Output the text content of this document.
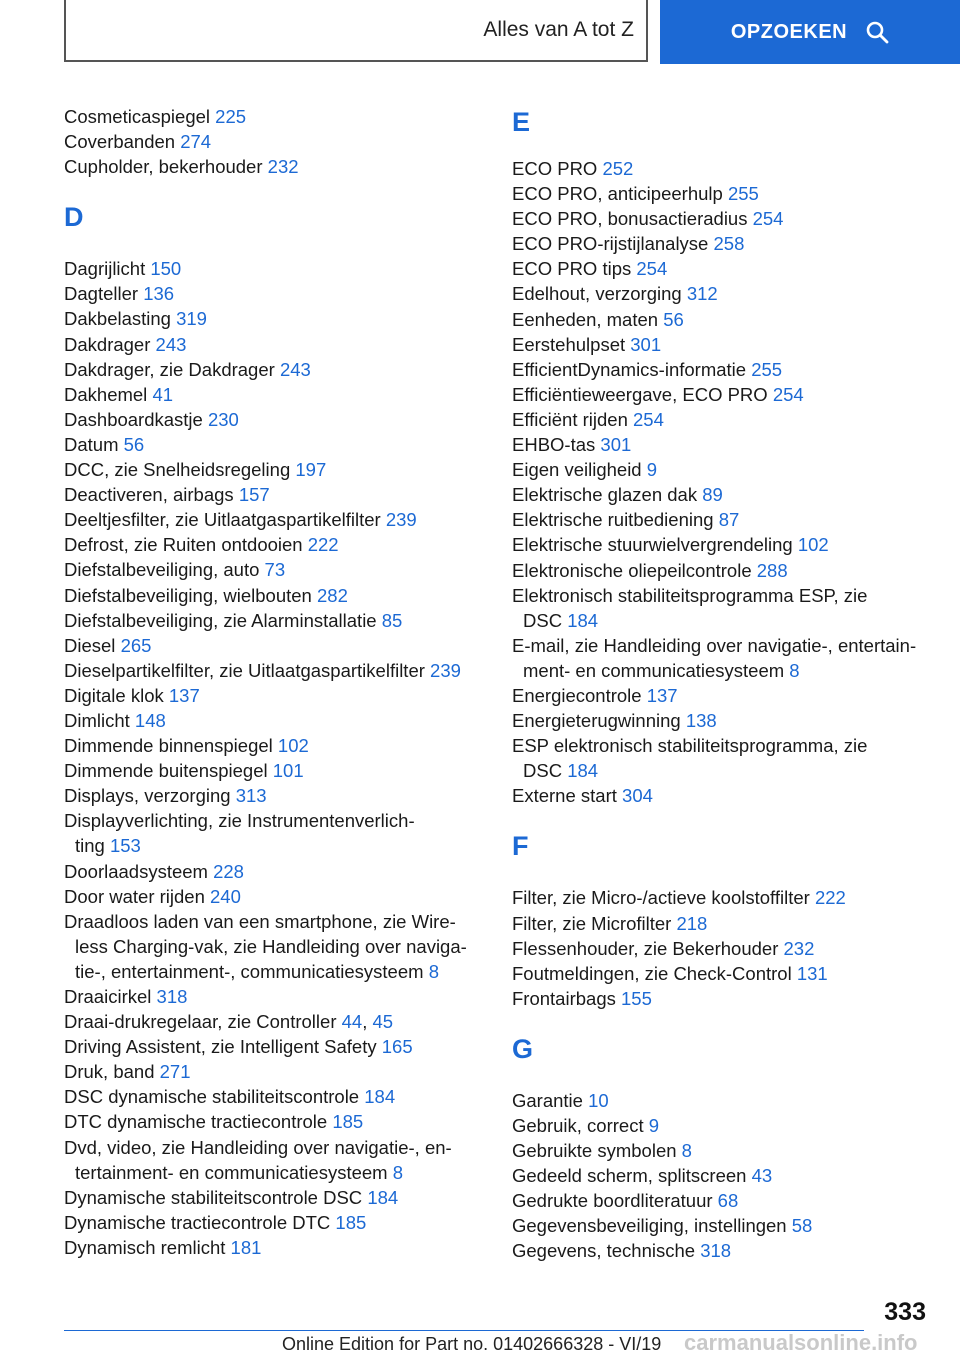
Alles van A tot Z	OPZOEKEN
Cosmeticaspiegel 225
Coverbanden 274
Cupholder, bekerhouder 232
D
Dagrijlicht 150
Dagteller 136
Dakbelasting 319
Dakdrager 243
Dakdrager, zie Dakdrager 243
Dakhemel 41
Dashboardkastje 230
Datum 56
DCC, zie Snelheidsregeling 197
Deactiveren, airbags 157
Deeltjesfilter, zie Uitlaatgaspartikelfilter 239
Defrost, zie Ruiten ontdooien 222
Diefstalbeveiliging, auto 73
Diefstalbeveiliging, wielbouten 282
Diefstalbeveiliging, zie Alarminstallatie 85
Diesel 265
Dieselpartikelfilter, zie Uitlaatgaspartikelfilter 239
Digitale klok 137
Dimlicht 148
Dimmende binnenspiegel 102
Dimmende buitenspiegel 101
Displays, verzorging 313
Displayverlichting, zie Instrumentenverlich-
ting 153
Doorlaadsysteem 228
Door water rijden 240
Draadloos laden van een smartphone, zie Wire-
less Charging-vak, zie Handleiding over naviga-
tie-, entertainment-, communicatiesysteem 8
Draaicirkel 318
Draai-drukregelaar, zie Controller 44, 45
Driving Assistent, zie Intelligent Safety 165
Druk, band 271
DSC dynamische stabiliteitscontrole 184
DTC dynamische tractiecontrole 185
Dvd, video, zie Handleiding over navigatie-, en-
tertainment- en communicatiesysteem 8
Dynamische stabiliteitscontrole DSC 184
Dynamische tractiecontrole DTC 185
Dynamisch remlicht 181
E
ECO PRO 252
ECO PRO, anticipeerhulp 255
ECO PRO, bonusactieradius 254
ECO PRO-rijstijlanalyse 258
ECO PRO tips 254
Edelhout, verzorging 312
Eenheden, maten 56
Eerstehulpset 301
EfficientDynamics-informatie 255
Efficiëntieweergave, ECO PRO 254
Efficiënt rijden 254
EHBO-tas 301
Eigen veiligheid 9
Elektrische glazen dak 89
Elektrische ruitbediening 87
Elektrische stuurwielvergrendeling 102
Elektronische oliepeilcontrole 288
Elektronisch stabiliteitsprogramma ESP, zie
DSC 184
E-mail, zie Handleiding over navigatie-, entertain-
ment- en communicatiesysteem 8
Energiecontrole 137
Energieterugwinning 138
ESP elektronisch stabiliteitsprogramma, zie
DSC 184
Externe start 304
F
Filter, zie Micro-/actieve koolstoffilter 222
Filter, zie Microfilter 218
Flessenhouder, zie Bekerhouder 232
Foutmeldingen, zie Check-Control 131
Frontairbags 155
G
Garantie 10
Gebruik, correct 9
Gebruikte symbolen 8
Gedeeld scherm, splitscreen 43
Gedrukte boordliteratuur 68
Gegevensbeveiliging, instellingen 58
Gegevens, technische 318
333
Online Edition for Part no. 01402666328 - VI/19 carmanualsonline.info
